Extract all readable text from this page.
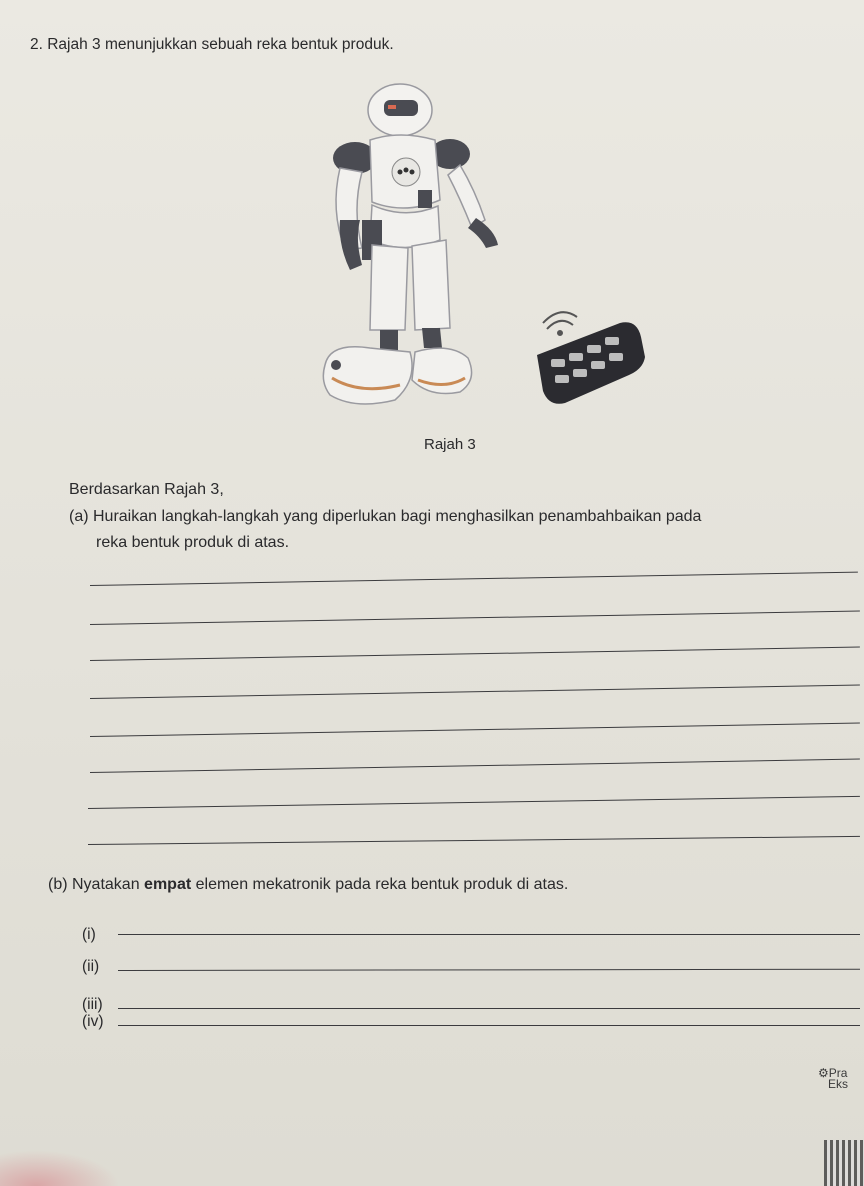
2. Rajah 3 menunjukkan sebuah reka bentuk produk.
Rajah 3
Berdasarkan Rajah 3,
(a) Huraikan langkah-langkah yang diperlukan bagi menghasilkan penambahbaikan pada
reka bentuk produk di atas.
(b) Nyatakan empat elemen mekatronik pada reka bentuk produk di atas.
(i)
(ii)
(iii)
(iv)
⚙Pra
Eks
